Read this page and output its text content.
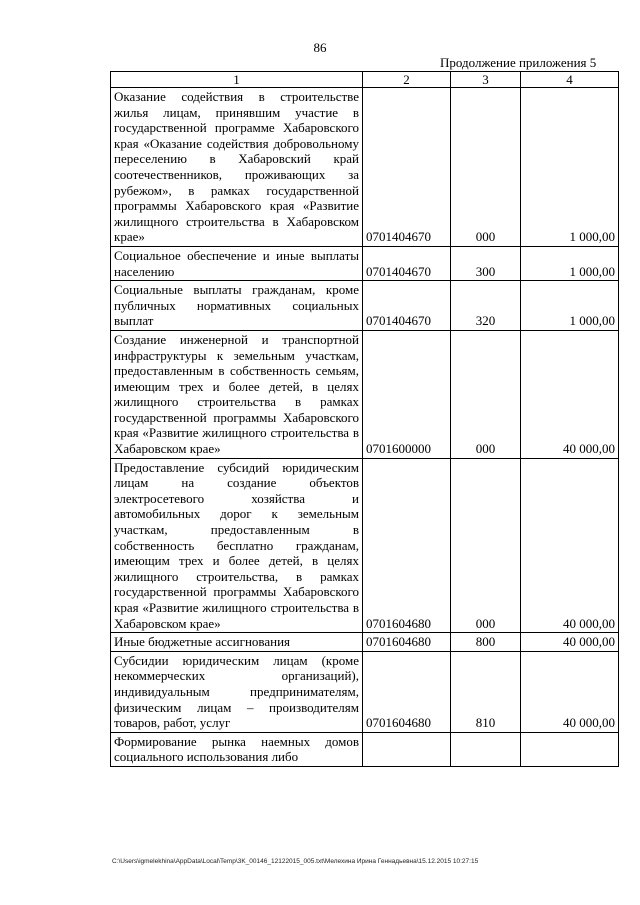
86
Продолжение приложения 5
1	2	3	4
Оказание содействия в строительстве жилья лицам, принявшим участие в государственной программе Хабаровского края «Оказание содействия добровольному переселению в Хабаровский край соотечественников, проживающих за рубежом», в рамках государственной программы Хабаровского края «Развитие жилищного строительства в Хабаровском крае»	0701404670	000	1 000,00
Социальное обеспечение и иные выплаты населению	0701404670	300	1 000,00
Социальные выплаты гражданам, кроме публичных нормативных социальных выплат	0701404670	320	1 000,00
Создание инженерной и транспортной инфраструктуры к земельным участкам, предоставленным в собственность семьям, имеющим трех и более детей, в целях жилищного строительства в рамках государственной программы Хабаровского края «Развитие жилищного строительства в Хабаровском крае»	0701600000	000	40 000,00
Предоставление субсидий юридическим лицам на создание объектов электросетевого хозяйства и автомобильных дорог к земельным участкам, предоставленным в собственность бесплатно гражданам, имеющим трех и более детей, в целях жилищного строительства, в рамках государственной программы Хабаровского края «Развитие жилищного строительства в Хабаровском крае»	0701604680	000	40 000,00
Иные бюджетные ассигнования	0701604680	800	40 000,00
Субсидии юридическим лицам (кроме некоммерческих организаций), индивидуальным предпринимателям, физическим лицам – производителям товаров, работ, услуг	0701604680	810	40 000,00
Формирование рынка наемных домов социального использования либо			
C:\Users\igmelekhina\AppData\Local\Temp\3K_00146_12122015_005.txt\Мелехина Ирина Геннадьевна\15.12.2015 10:27:15
